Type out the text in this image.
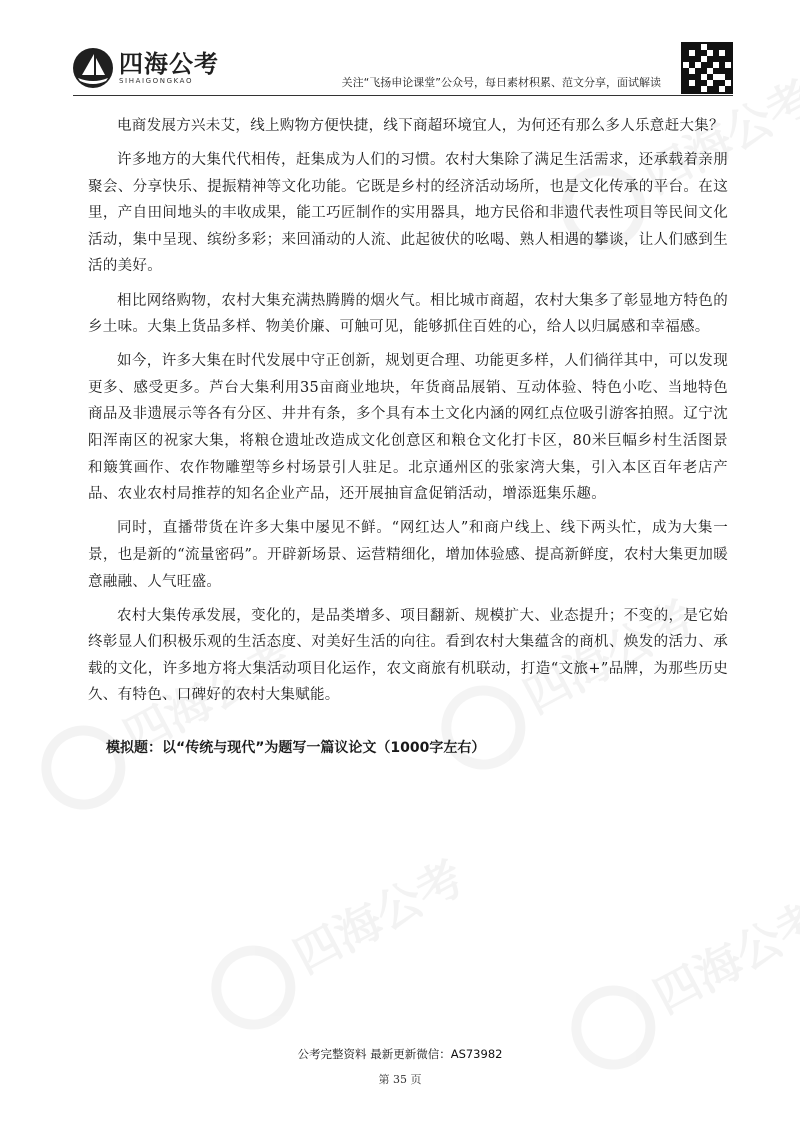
四海公考
SIHAIGONGKAO	关注“飞扬申论课堂”公众号，每日素材积累、范文分享，面试解读

电商发展方兴未艾，线上购物方便快捷，线下商超环境宜人，为何还有那么多人乐意赶大集？

许多地方的大集代代相传，赶集成为人们的习惯。农村大集除了满足生活需求，还承载着亲朋聚会、分享快乐、提振精神等文化功能。它既是乡村的经济活动场所，也是文化传承的平台。在这里，产自田间地头的丰收成果，能工巧匠制作的实用器具，地方民俗和非遗代表性项目等民间文化活动，集中呈现、缤纷多彩；来回涌动的人流、此起彼伏的吆喝、熟人相遇的攀谈，让人们感到生活的美好。

相比网络购物，农村大集充满热腾腾的烟火气。相比城市商超，农村大集多了彰显地方特色的乡土味。大集上货品多样、物美价廉、可触可见，能够抓住百姓的心，给人以归属感和幸福感。

如今，许多大集在时代发展中守正创新，规划更合理、功能更多样，人们徜徉其中，可以发现更多、感受更多。芦台大集利用35亩商业地块，年货商品展销、互动体验、特色小吃、当地特色商品及非遗展示等各有分区、井井有条，多个具有本土文化内涵的网红点位吸引游客拍照。辽宁沈阳浑南区的祝家大集，将粮仓遗址改造成文化创意区和粮仓文化打卡区，80米巨幅乡村生活图景和簸箕画作、农作物雕塑等乡村场景引人驻足。北京通州区的张家湾大集，引入本区百年老店产品、农业农村局推荐的知名企业产品，还开展抽盲盒促销活动，增添逛集乐趣。

同时，直播带货在许多大集中屡见不鲜。“网红达人”和商户线上、线下两头忙，成为大集一景，也是新的“流量密码”。开辟新场景、运营精细化，增加体验感、提高新鲜度，农村大集更加暖意融融、人气旺盛。

农村大集传承发展，变化的，是品类增多、项目翻新、规模扩大、业态提升；不变的，是它始终彰显人们积极乐观的生活态度、对美好生活的向往。看到农村大集蕴含的商机、焕发的活力、承载的文化，许多地方将大集活动项目化运作，农文商旅有机联动，打造“文旅+”品牌，为那些历史久、有特色、口碑好的农村大集赋能。

模拟题：以“传统与现代”为题写一篇议论文（1000字左右）
公考完整资料 最新更新微信：AS73982
第 35 页
